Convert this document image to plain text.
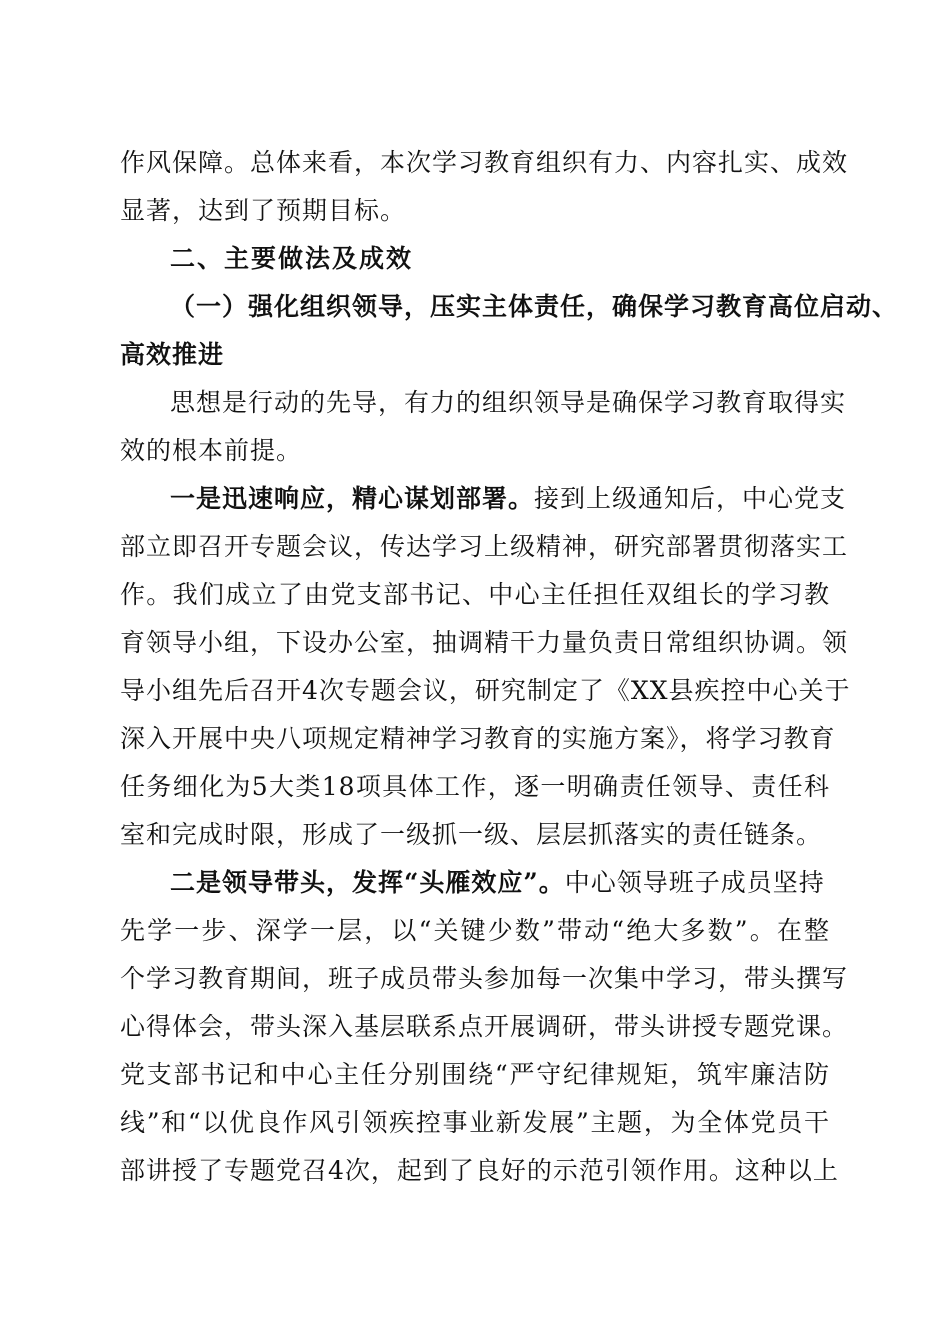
作风保障。总体来看，本次学习教育组织有力、内容扎实、成效
显著，达到了预期目标。
二、主要做法及成效
（一）强化组织领导，压实主体责任，确保学习教育高位启动、
高效推进
思想是行动的先导，有力的组织领导是确保学习教育取得实
效的根本前提。
一是迅速响应，精心谋划部署。接到上级通知后，中心党支
部立即召开专题会议，传达学习上级精神，研究部署贯彻落实工
作。我们成立了由党支部书记、中心主任担任双组长的学习教
育领导小组，下设办公室，抽调精干力量负责日常组织协调。领
导小组先后召开4次专题会议，研究制定了《XX县疾控中心关于
深入开展中央八项规定精神学习教育的实施方案》，将学习教育
任务细化为5大类18项具体工作，逐一明确责任领导、责任科
室和完成时限，形成了一级抓一级、层层抓落实的责任链条。
二是领导带头，发挥“头雁效应”。中心领导班子成员坚持
先学一步、深学一层，以“关键少数”带动“绝大多数”。在整
个学习教育期间，班子成员带头参加每一次集中学习，带头撰写
心得体会，带头深入基层联系点开展调研，带头讲授专题党课。
党支部书记和中心主任分别围绕“严守纪律规矩，筑牢廉洁防
线”和“以优良作风引领疾控事业新发展”主题，为全体党员干
部讲授了专题党召4次，起到了良好的示范引领作用。这种以上
